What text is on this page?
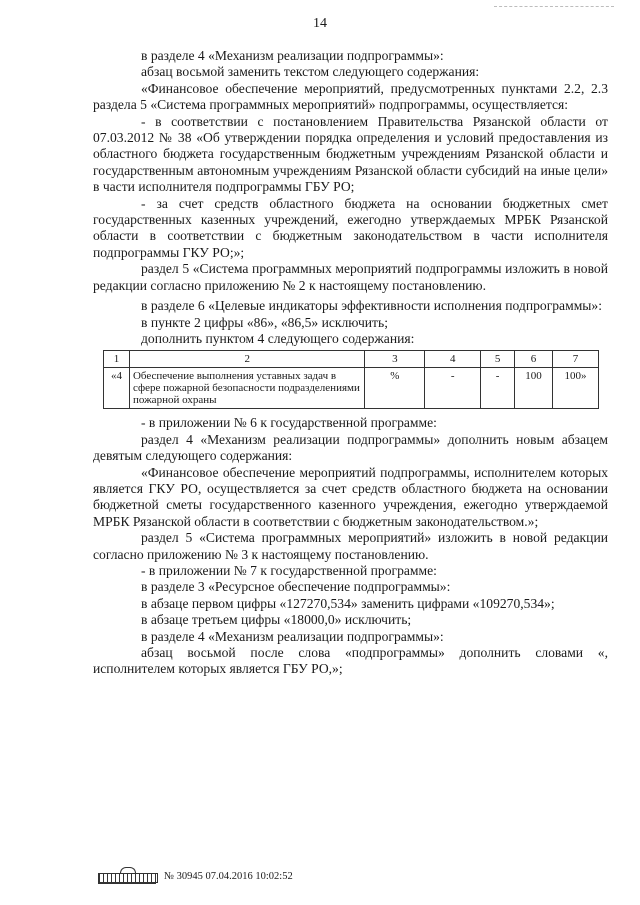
14

в разделе 4 «Механизм реализации подпрограммы»:

абзац восьмой заменить текстом следующего содержания:

«Финансовое обеспечение мероприятий, предусмотренных пунктами 2.2, 2.3 раздела 5 «Система программных мероприятий» подпрограммы, осуществляется:

- в соответствии с постановлением Правительства Рязанской области от 07.03.2012 № 38 «Об утверждении порядка определения и условий предоставления из областного бюджета государственным бюджетным учреждениям Рязанской области и государственным автономным учреждениям Рязанской области субсидий на иные цели» в части исполнителя подпрограммы ГБУ РО;

- за счет средств областного бюджета на основании бюджетных смет государственных казенных учреждений, ежегодно утверждаемых МРБК Рязанской области в соответствии с бюджетным законодательством в части исполнителя подпрограммы ГКУ РО;»;

раздел 5 «Система программных мероприятий подпрограммы изложить в новой редакции согласно приложению № 2 к настоящему постановлению.

в разделе 6 «Целевые индикаторы эффективности исполнения подпрограммы»:

в пункте 2 цифры «86», «86,5» исключить;

дополнить пунктом 4 следующего содержания:

1	2	3	4	5	6	7
«4	Обеспечение выполнения уставных задач в сфере пожарной безопасности подразделениями пожарной охраны	%	-	-	100	100»

- в приложении № 6 к государственной программе:

раздел 4 «Механизм реализации подпрограммы» дополнить новым абзацем девятым следующего содержания:

«Финансовое обеспечение мероприятий подпрограммы, исполнителем которых является ГКУ РО, осуществляется за счет средств областного бюджета на основании бюджетной сметы государственного казенного учреждения, ежегодно утверждаемой МРБК Рязанской области в соответствии с бюджетным законодательством.»;

раздел 5 «Система программных мероприятий» изложить в новой редакции согласно приложению № 3 к настоящему постановлению.

- в приложении № 7 к государственной программе:

в разделе 3 «Ресурсное обеспечение подпрограммы»:

в абзаце первом цифры «127270,534» заменить цифрами «109270,534»;

в абзаце третьем цифры «18000,0» исключить;

в разделе 4 «Механизм реализации подпрограммы»:

абзац восьмой после слова «подпрограммы» дополнить словами «, исполнителем которых является ГБУ РО,»;

№ 30945 07.04.2016 10:02:52
